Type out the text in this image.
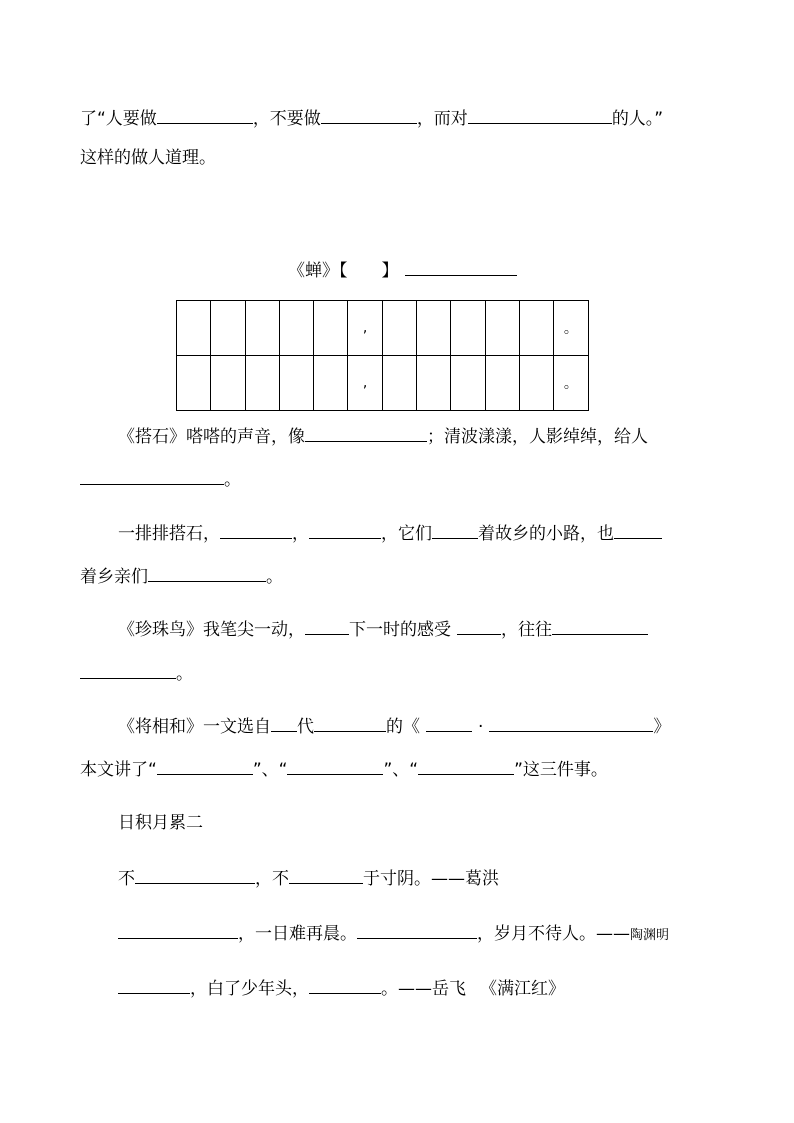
了“人要做	，不要做	，而对	的人。”
这样的做人道理。
《蝉》【 】
					,						。
					,						。
《搭石》嗒嗒的声音，像	；清波漾漾，人影绰绰，给人
。
一排排搭石，	，	，它们	着故乡的小路，也
着乡亲们	。
《珍珠鸟》我笔尖一动，	下一时的感受	，往往
。
《将相和》一文选自 代	的《	·	》
本文讲了“	”、“	”、“	”这三件事。
日积月累二
不	，不	于寸阴。——葛洪
，一日难再晨。	，岁月不待人。——陶渊明
，白了少年头，	。——岳飞 《满江红》
